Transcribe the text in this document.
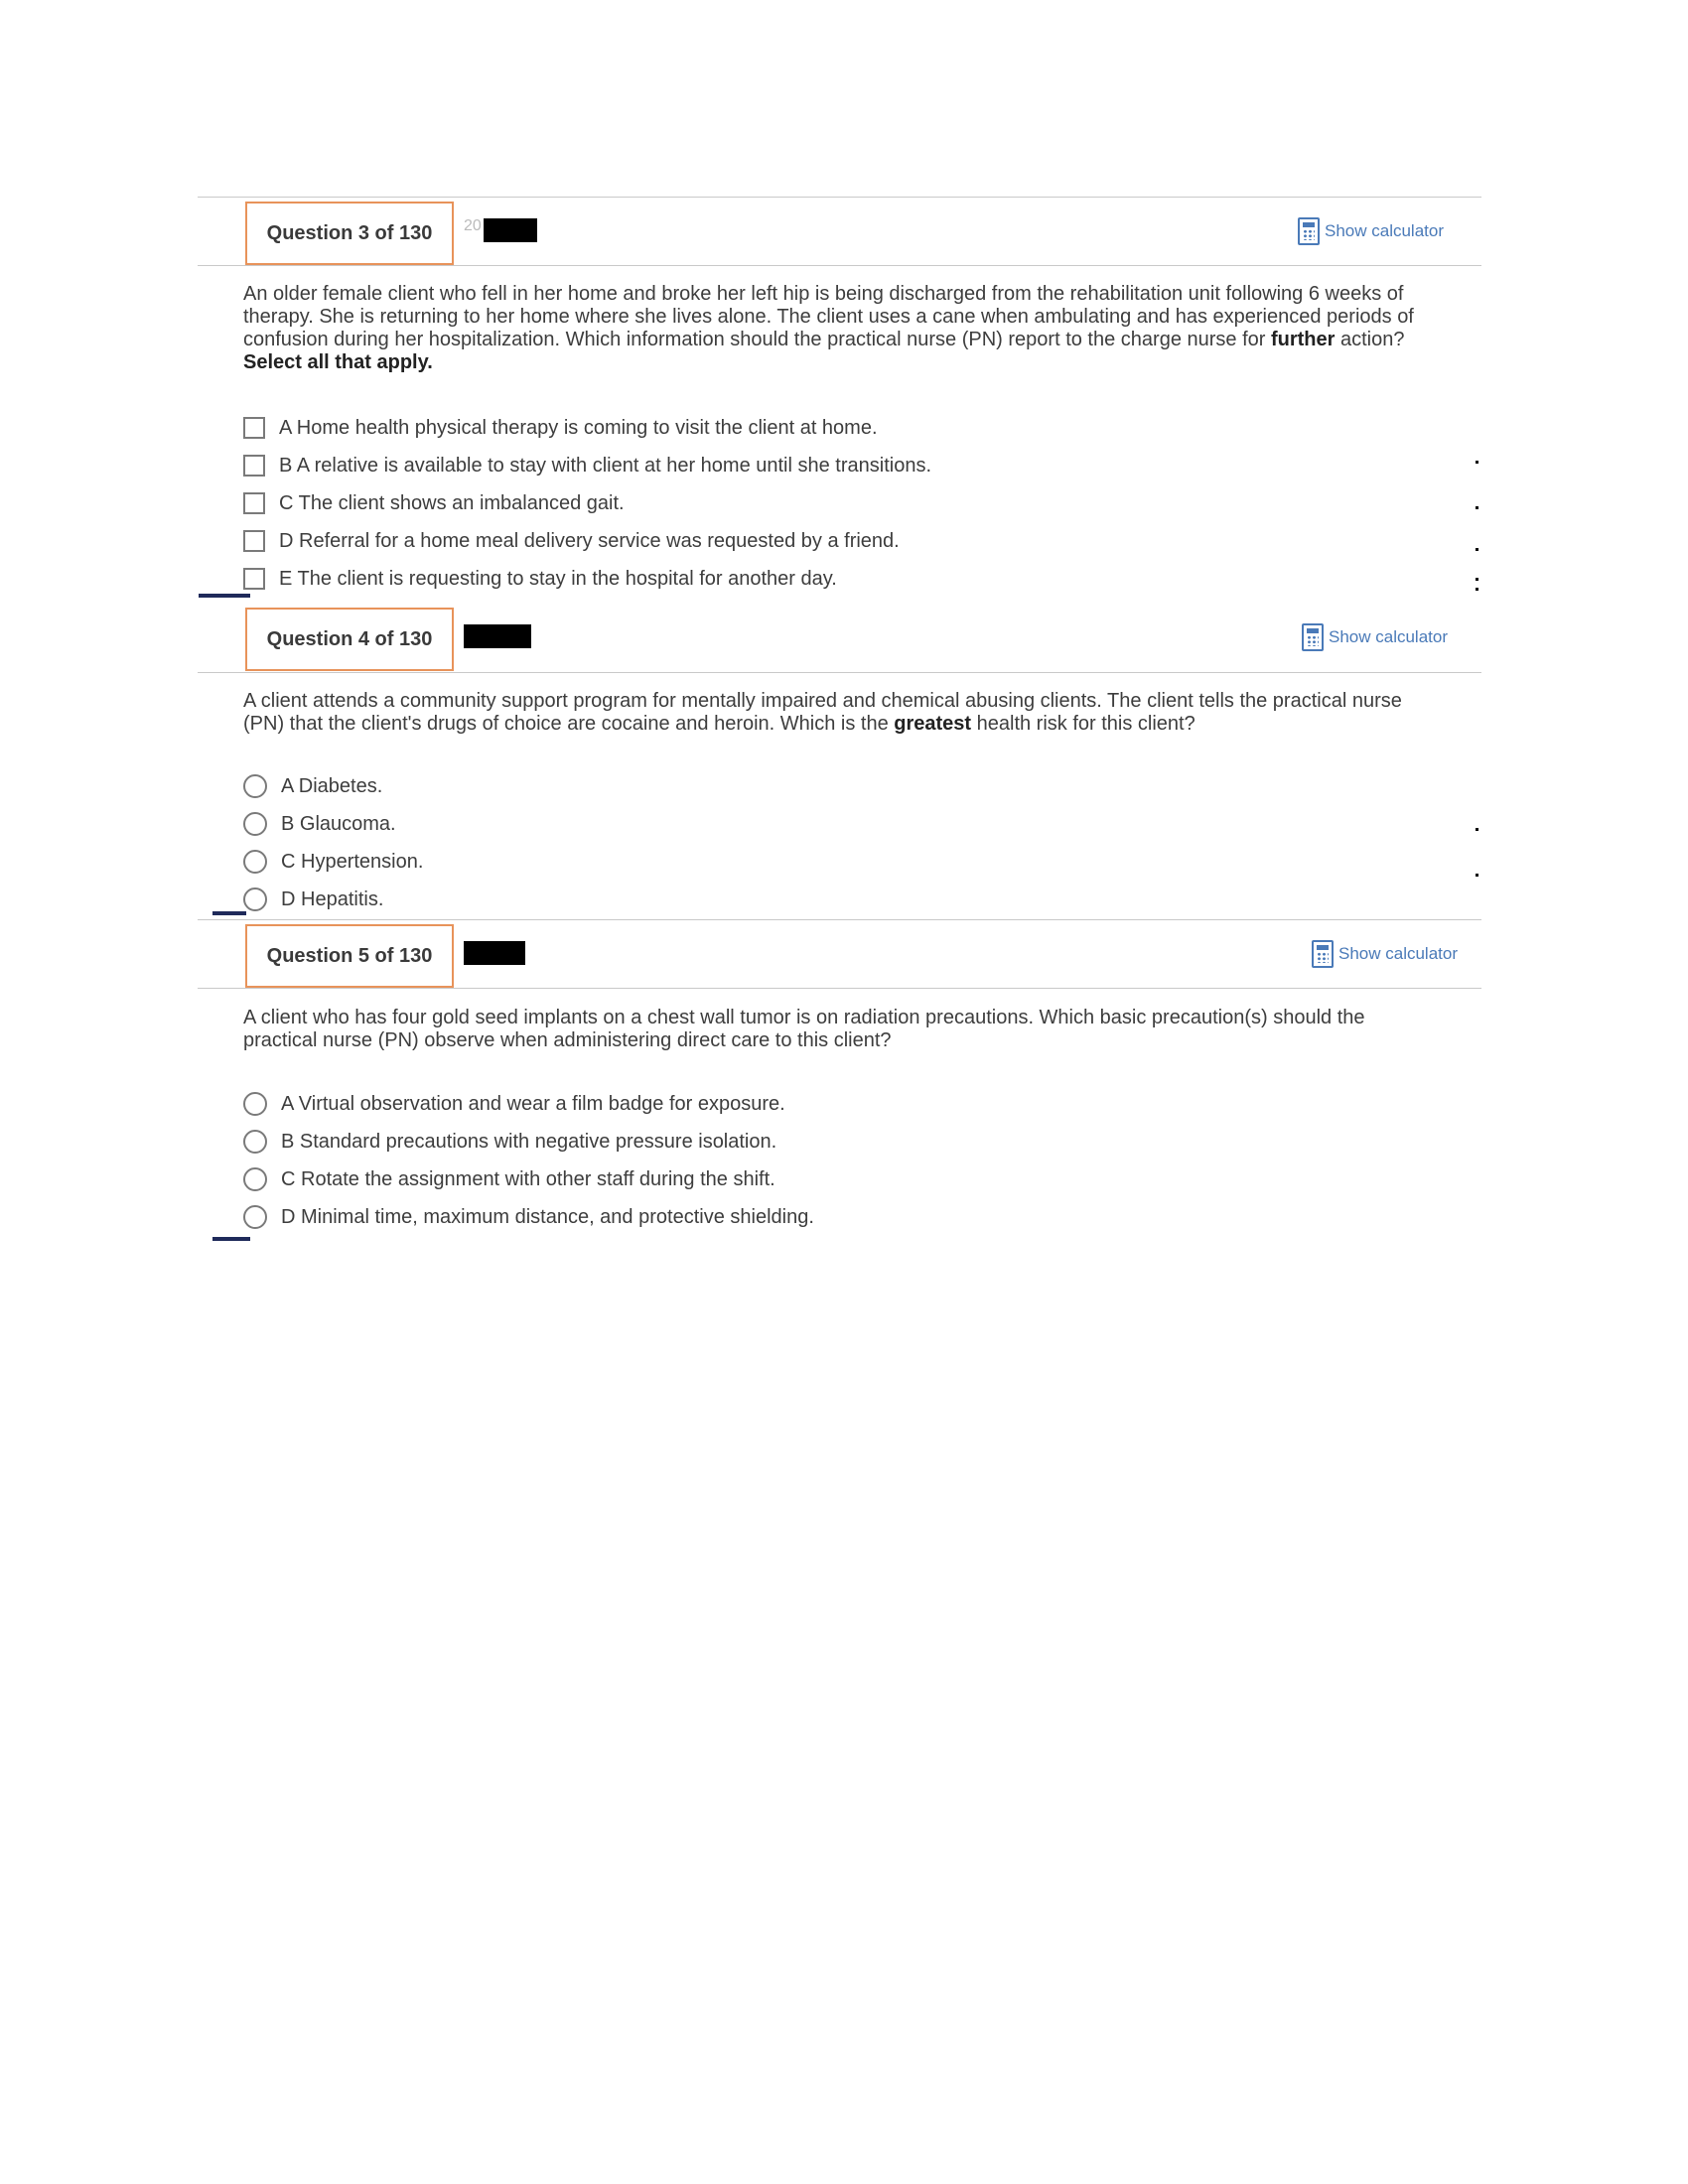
Question 3 of 130	20	Show calculator

An older female client who fell in her home and broke her left hip is being discharged from the rehabilitation unit following 6 weeks of therapy. She is returning to her home where she lives alone. The client uses a cane when ambulating and has experienced periods of confusion during her hospitalization. Which information should the practical nurse (PN) report to the charge nurse for further action? Select all that apply.

A Home health physical therapy is coming to visit the client at home.
B A relative is available to stay with client at her home until she transitions.
C The client shows an imbalanced gait.
D Referral for a home meal delivery service was requested by a friend.
E The client is requesting to stay in the hospital for another day.
Question 4 of 130	Show calculator

A client attends a community support program for mentally impaired and chemical abusing clients. The client tells the practical nurse (PN) that the client's drugs of choice are cocaine and heroin. Which is the greatest health risk for this client?

A Diabetes.
B Glaucoma.
C Hypertension.
D Hepatitis.
Question 5 of 130	Show calculator

A client who has four gold seed implants on a chest wall tumor is on radiation precautions. Which basic precaution(s) should the practical nurse (PN) observe when administering direct care to this client?

A Virtual observation and wear a film badge for exposure.
B Standard precautions with negative pressure isolation.
C Rotate the assignment with other staff during the shift.
D Minimal time, maximum distance, and protective shielding.
